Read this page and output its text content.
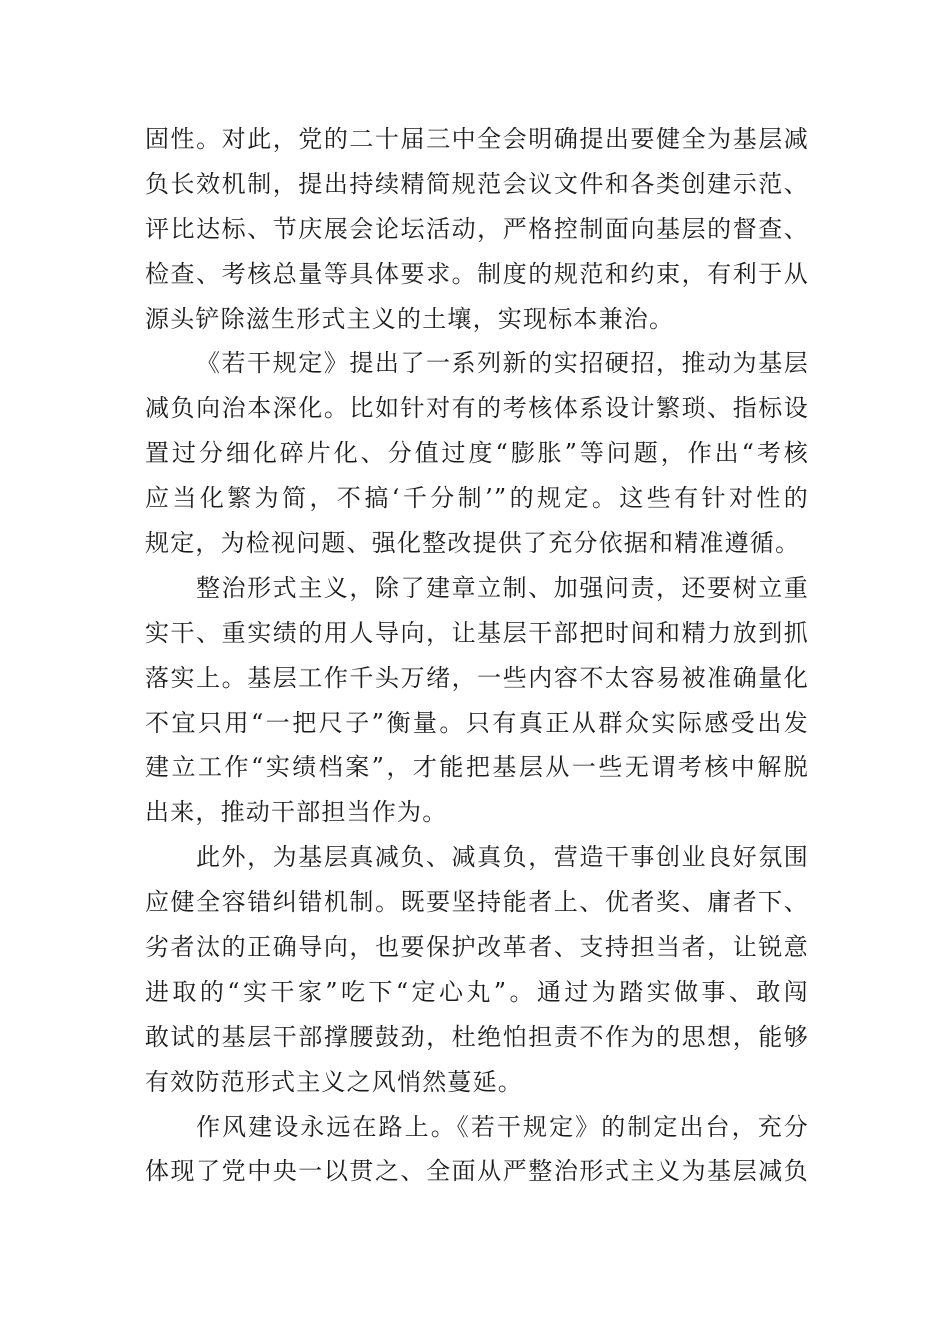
固性。对此，党的二十届三中全会明确提出要健全为基层减
负长效机制，提出持续精简规范会议文件和各类创建示范、
评比达标、节庆展会论坛活动，严格控制面向基层的督查、
检查、考核总量等具体要求。制度的规范和约束，有利于从
源头铲除滋生形式主义的土壤，实现标本兼治。
《若干规定》提出了一系列新的实招硬招，推动为基层
减负向治本深化。比如针对有的考核体系设计繁琐、指标设
置过分细化碎片化、分值过度“膨胀”等问题，作出“考核
应当化繁为简，不搞‘千分制’”的规定。这些有针对性的
规定，为检视问题、强化整改提供了充分依据和精准遵循。
整治形式主义，除了建章立制、加强问责，还要树立重
实干、重实绩的用人导向，让基层干部把时间和精力放到抓
落实上。基层工作千头万绪，一些内容不太容易被准确量化
不宜只用“一把尺子”衡量。只有真正从群众实际感受出发
建立工作“实绩档案”，才能把基层从一些无谓考核中解脱
出来，推动干部担当作为。
此外，为基层真减负、减真负，营造干事创业良好氛围
应健全容错纠错机制。既要坚持能者上、优者奖、庸者下、
劣者汰的正确导向，也要保护改革者、支持担当者，让锐意
进取的“实干家”吃下“定心丸”。通过为踏实做事、敢闯
敢试的基层干部撑腰鼓劲，杜绝怕担责不作为的思想，能够
有效防范形式主义之风悄然蔓延。
作风建设永远在路上。《若干规定》的制定出台，充分
体现了党中央一以贯之、全面从严整治形式主义为基层减负
